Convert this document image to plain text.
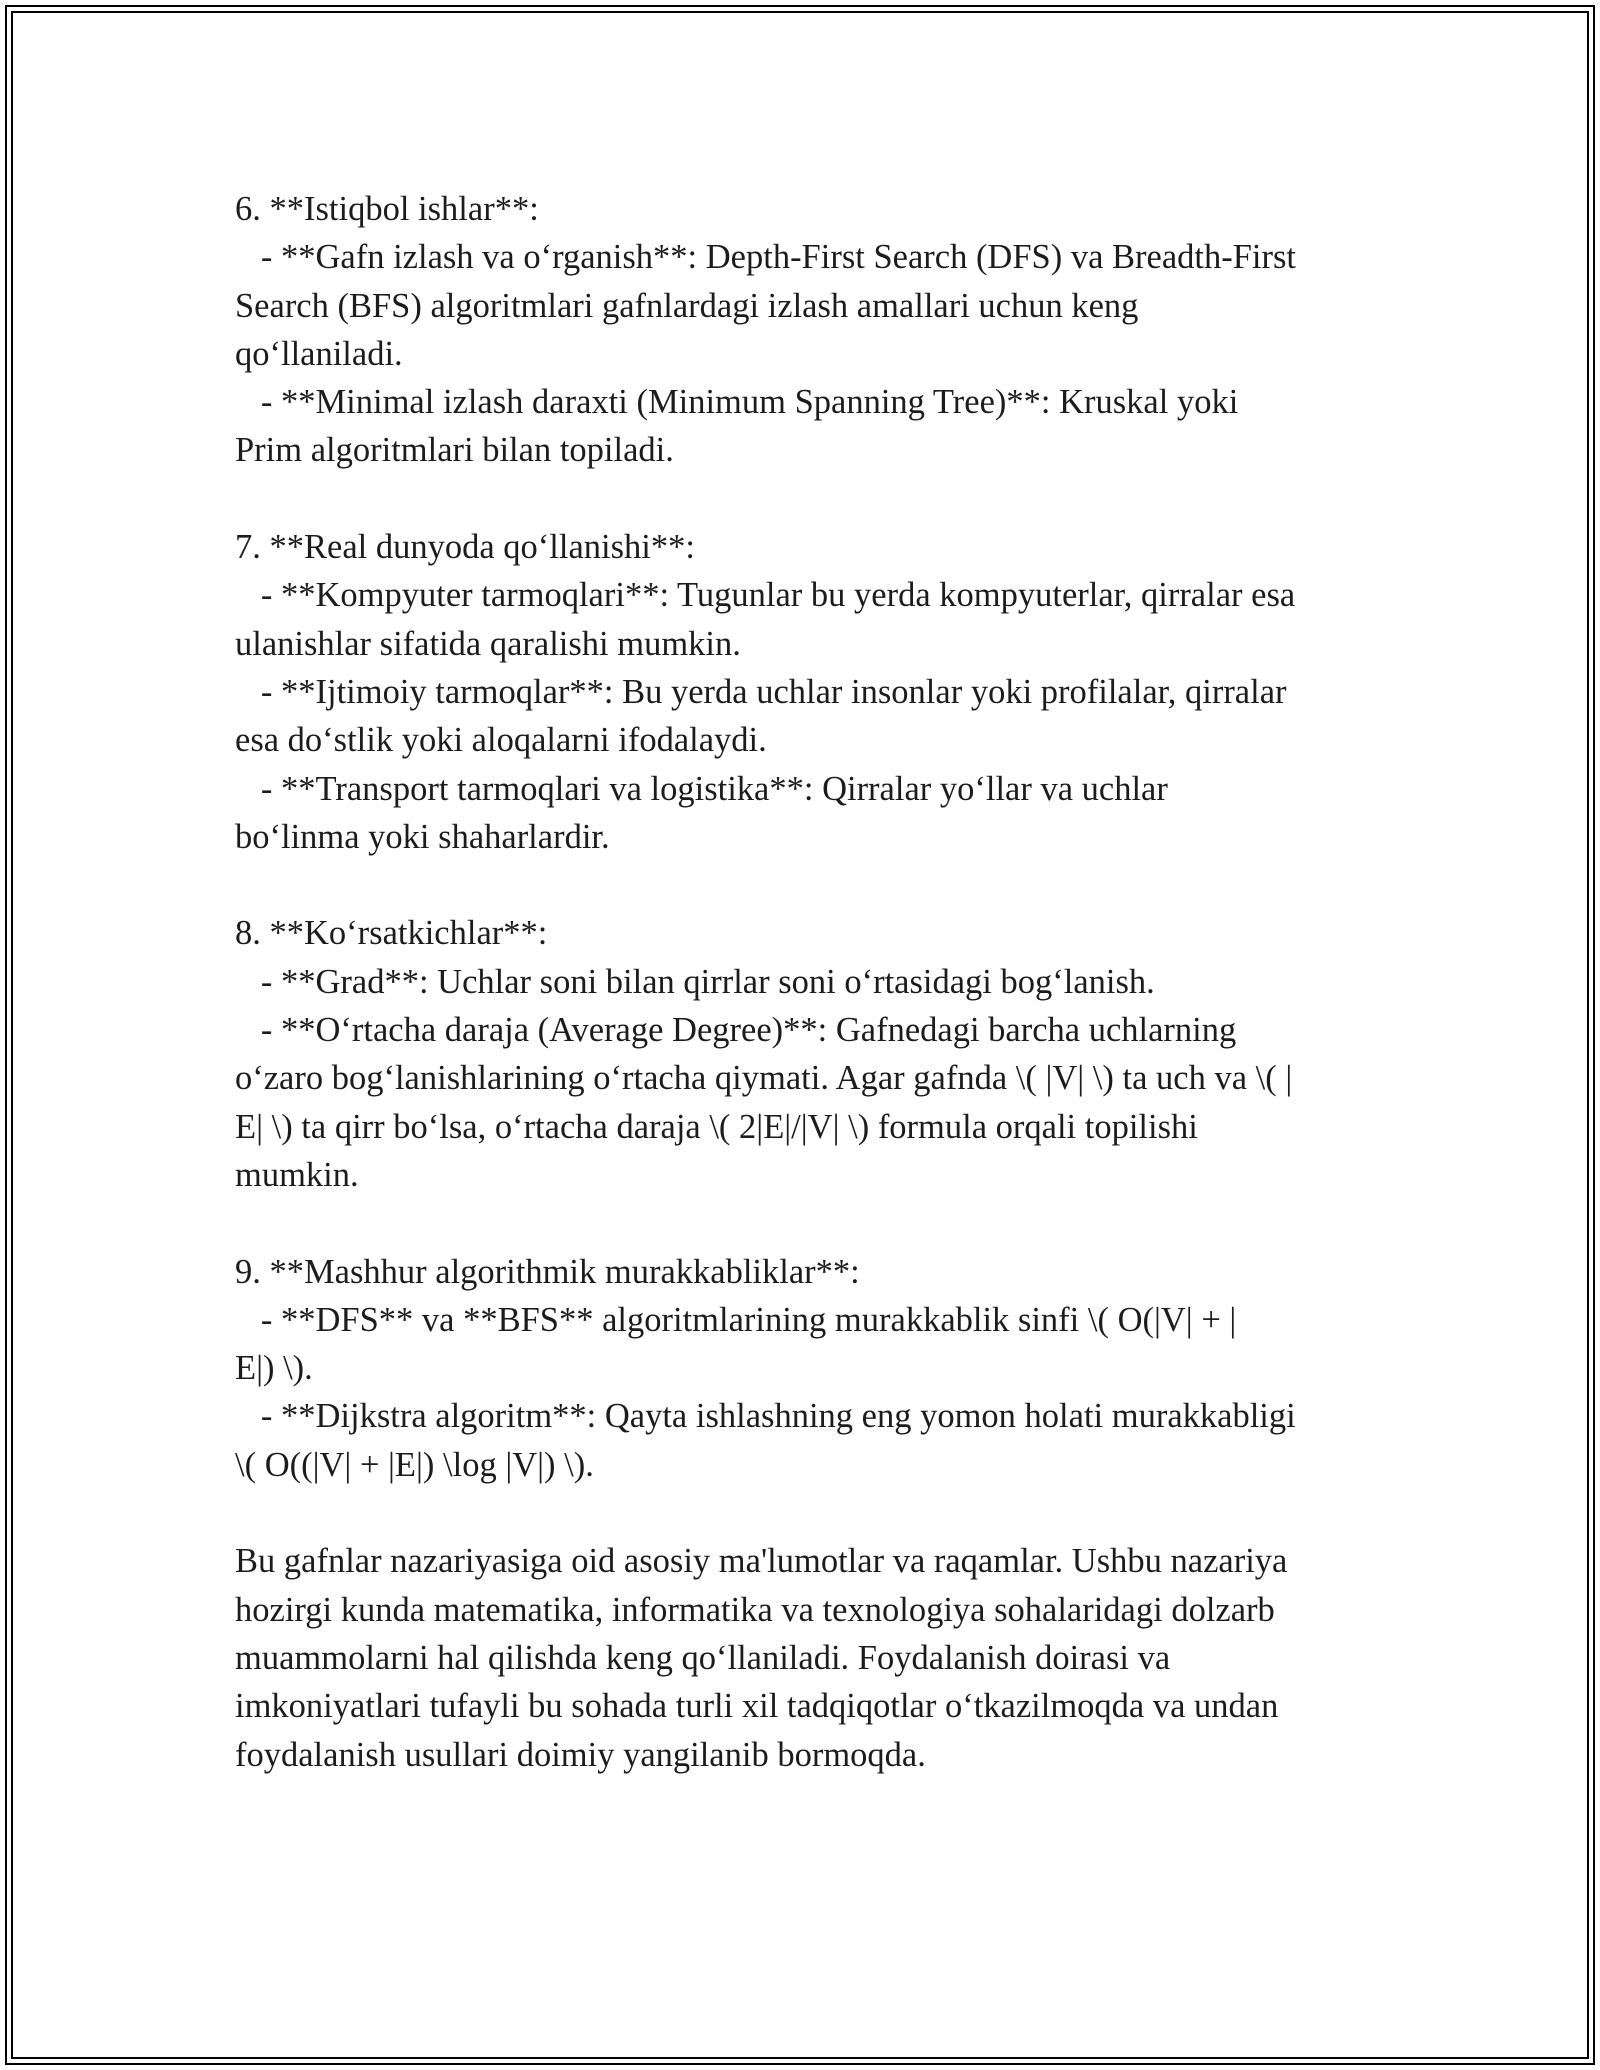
6. **Istiqbol ishlar**:
- **Gafn izlash va oʻrganish**: Depth-First Search (DFS) va Breadth-First
Search (BFS) algoritmlari gafnlardagi izlash amallari uchun keng
qoʻllaniladi.
- **Minimal izlash daraxti (Minimum Spanning Tree)**: Kruskal yoki
Prim algoritmlari bilan topiladi.
7. **Real dunyoda qoʻllanishi**:
- **Kompyuter tarmoqlari**: Tugunlar bu yerda kompyuterlar, qirralar esa
ulanishlar sifatida qaralishi mumkin.
- **Ijtimoiy tarmoqlar**: Bu yerda uchlar insonlar yoki profilalar, qirralar
esa doʻstlik yoki aloqalarni ifodalaydi.
- **Transport tarmoqlari va logistika**: Qirralar yoʻllar va uchlar
boʻlinma yoki shaharlardir.
8. **Koʻrsatkichlar**:
- **Grad**: Uchlar soni bilan qirrlar soni oʻrtasidagi bogʻlanish.
- **Oʻrtacha daraja (Average Degree)**: Gafnedagi barcha uchlarning
oʻzaro bogʻlanishlarining oʻrtacha qiymati. Agar gafnda \( |V| \) ta uch va \( |
E| \) ta qirr boʻlsa, oʻrtacha daraja \( 2|E|/|V| \) formula orqali topilishi
mumkin.
9. **Mashhur algorithmik murakkabliklar**:
- **DFS** va **BFS** algoritmlarining murakkablik sinfi \( O(|V| + |
E|) \).
- **Dijkstra algoritm**: Qayta ishlashning eng yomon holati murakkabligi
\( O((|V| + |E|) \log |V|) \).
Bu gafnlar nazariyasiga oid asosiy ma'lumotlar va raqamlar. Ushbu nazariya
hozirgi kunda matematika, informatika va texnologiya sohalaridagi dolzarb
muammolarni hal qilishda keng qoʻllaniladi. Foydalanish doirasi va
imkoniyatlari tufayli bu sohada turli xil tadqiqotlar oʻtkazilmoqda va undan
foydalanish usullari doimiy yangilanib bormoqda.
